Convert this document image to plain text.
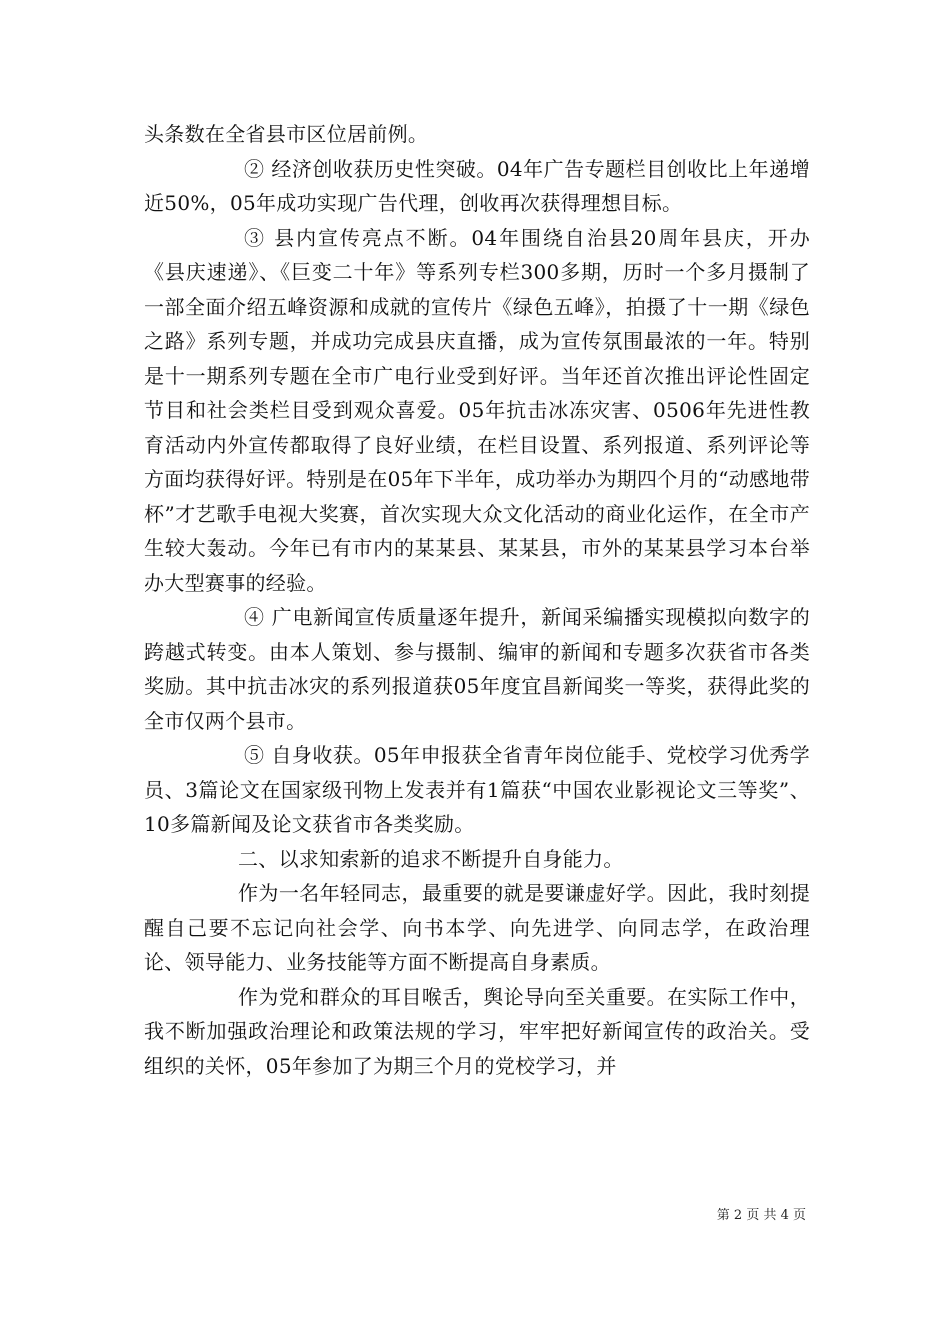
头条数在全省县市区位居前例。

② 经济创收获历史性突破。04年广告专题栏目创收比上年递增近50%，05年成功实现广告代理，创收再次获得理想目标。

③ 县内宣传亮点不断。04年围绕自治县20周年县庆，开办《县庆速递》、《巨变二十年》等系列专栏300多期，历时一个多月摄制了一部全面介绍五峰资源和成就的宣传片《绿色五峰》，拍摄了十一期《绿色之路》系列专题，并成功完成县庆直播，成为宣传氛围最浓的一年。特别是十一期系列专题在全市广电行业受到好评。当年还首次推出评论性固定节目和社会类栏目受到观众喜爱。05年抗击冰冻灾害、0506年先进性教育活动内外宣传都取得了良好业绩，在栏目设置、系列报道、系列评论等方面均获得好评。特别是在05年下半年，成功举办为期四个月的“动感地带杯”才艺歌手电视大奖赛，首次实现大众文化活动的商业化运作，在全市产生较大轰动。今年已有市内的某某县、某某县，市外的某某县学习本台举办大型赛事的经验。

④ 广电新闻宣传质量逐年提升，新闻采编播实现模拟向数字的跨越式转变。由本人策划、参与摄制、编审的新闻和专题多次获省市各类奖励。其中抗击冰灾的系列报道获05年度宜昌新闻奖一等奖，获得此奖的全市仅两个县市。

⑤ 自身收获。05年申报获全省青年岗位能手、党校学习优秀学员、3篇论文在国家级刊物上发表并有1篇获“中国农业影视论文三等奖”、10多篇新闻及论文获省市各类奖励。

二、以求知索新的追求不断提升自身能力。

作为一名年轻同志，最重要的就是要谦虚好学。因此，我时刻提醒自己要不忘记向社会学、向书本学、向先进学、向同志学，在政治理论、领导能力、业务技能等方面不断提高自身素质。

作为党和群众的耳目喉舌，舆论导向至关重要。在实际工作中，我不断加强政治理论和政策法规的学习，牢牢把好新闻宣传的政治关。受组织的关怀，05年参加了为期三个月的党校学习，并

第 2 页 共 4 页
